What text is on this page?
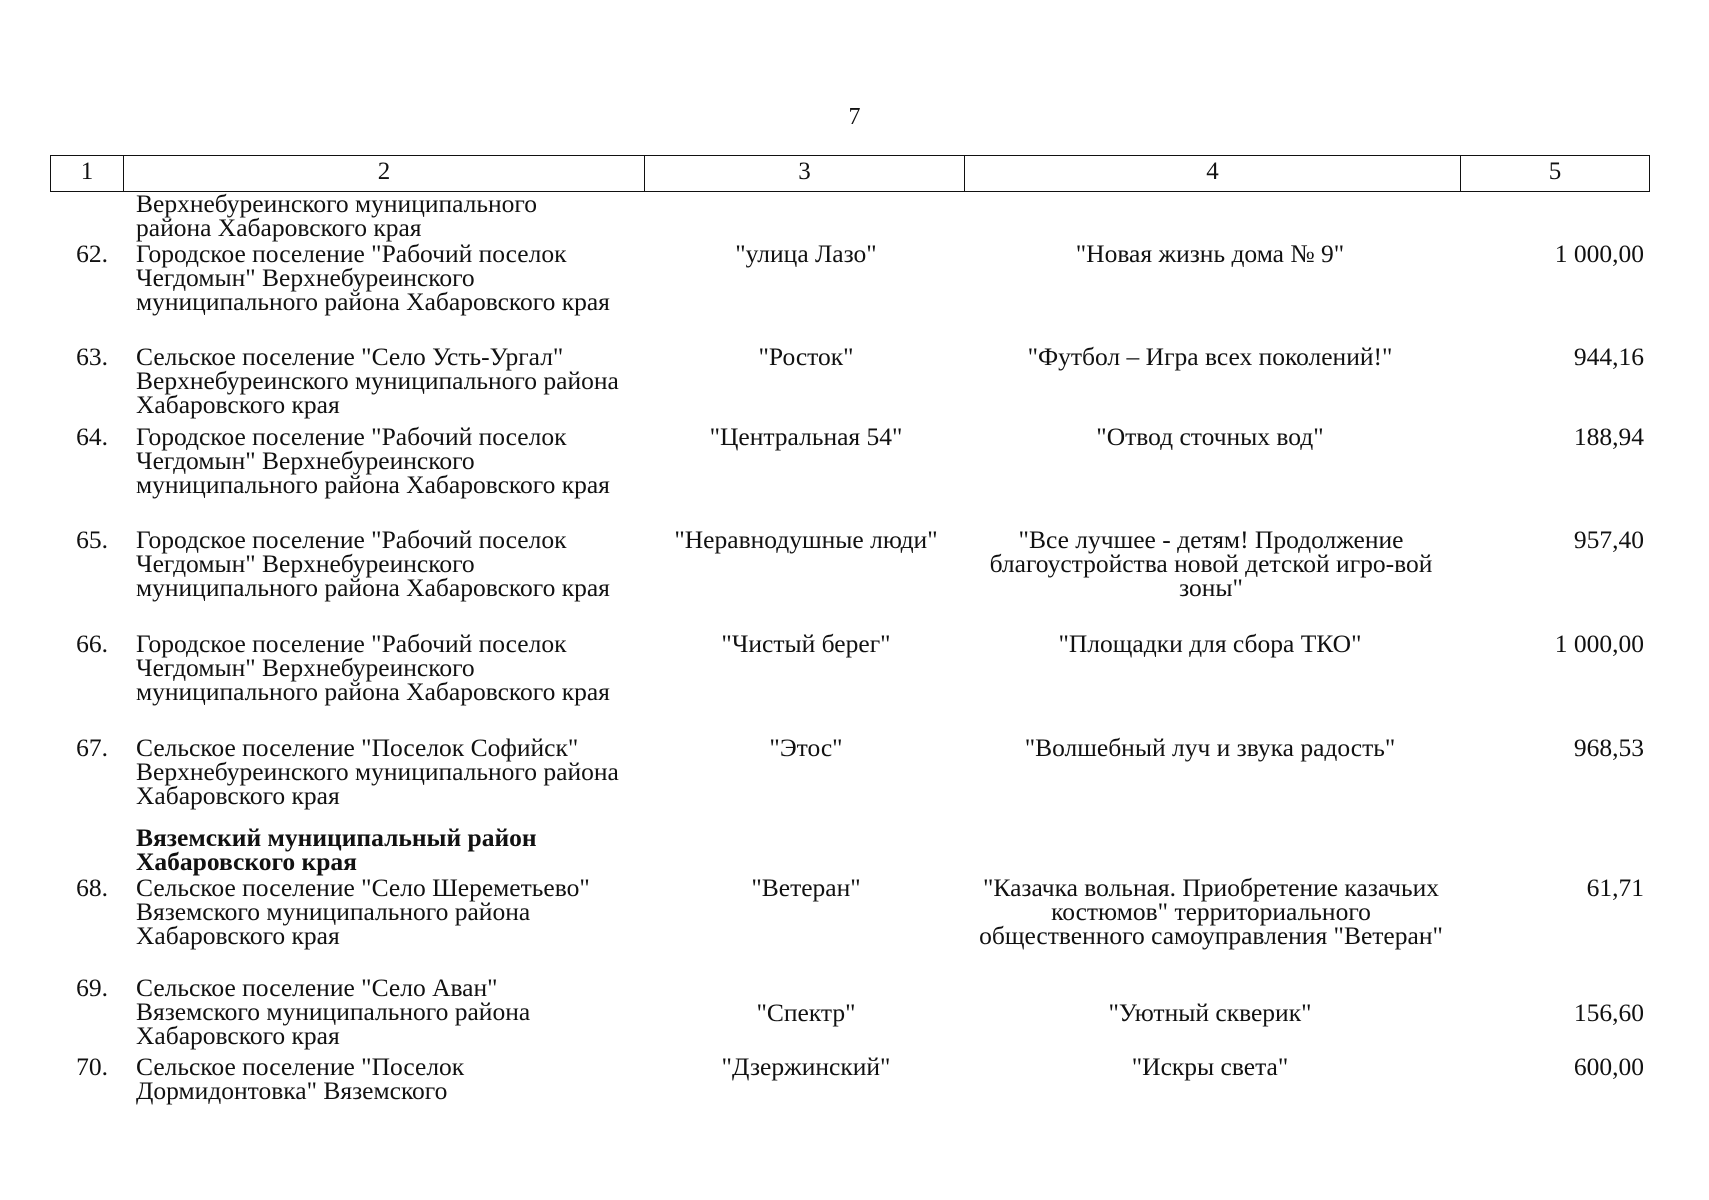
7
1	2	3	4	5
Верхнебуреинского муниципального района Хабаровского края
62. Городское поселение "Рабочий поселок Чегдомын" Верхнебуреинского муниципального района Хабаровского края
"улица Лазо"	"Новая жизнь дома № 9"	1 000,00
63. Сельское поселение "Село Усть-Ургал" Верхнебуреинского муниципального района Хабаровского края
"Росток"	"Футбол – Игра всех поколений!"	944,16
64. Городское поселение "Рабочий поселок Чегдомын" Верхнебуреинского муниципального района Хабаровского края
"Центральная 54"	"Отвод сточных вод"	188,94
65. Городское поселение "Рабочий поселок Чегдомын" Верхнебуреинского муниципального района Хабаровского края
"Неравнодушные люди"	"Все лучшее - детям! Продолжение благоустройства новой детской игро-вой зоны"
957,40
66. Городское поселение "Рабочий поселок Чегдомын" Верхнебуреинского муниципального района Хабаровского края
"Чистый берег"	"Площадки для сбора ТКО"	1 000,00
67. Сельское поселение "Поселок Софийск" Верхнебуреинского муниципального района Хабаровского края
"Этос"	"Волшебный луч и звука радость"	968,53
Вяземский муниципальный район Хабаровского края
68. Сельское поселение "Село Шереметьево" Вяземского муниципального района Хабаровского края
"Ветеран"	"Казачка вольная. Приобретение казачьих костюмов" территориального общественного самоуправления "Ветеран"
61,71
69. Сельское поселение "Село Аван" Вяземского муниципального района Хабаровского края
"Спектр"	"Уютный скверик"	156,60
70. Сельское поселение "Поселок Дормидонтовка" Вяземского
"Дзержинский"	"Искры света"	600,00
